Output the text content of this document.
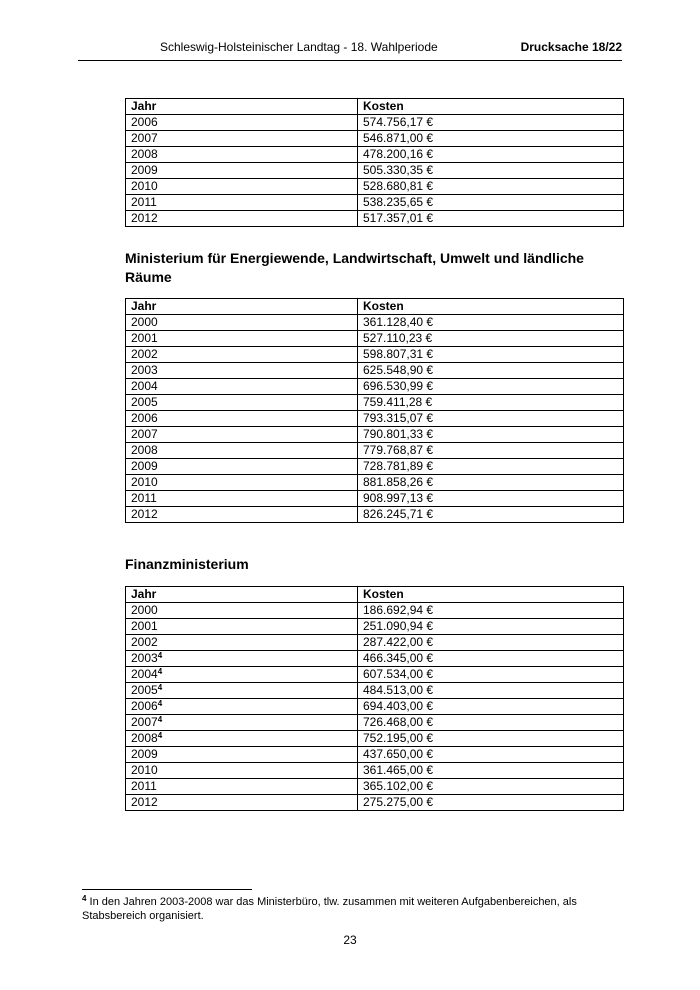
Schleswig-Holsteinischer Landtag - 18. Wahlperiode	Drucksache 18/22
Jahr	Kosten
2006	574.756,17 €
2007	546.871,00 €
2008	478.200,16 €
2009	505.330,35 €
2010	528.680,81 €
2011	538.235,65 €
2012	517.357,01 €
Ministerium für Energiewende, Landwirtschaft, Umwelt und ländliche Räume
Jahr	Kosten
2000	361.128,40 €
2001	527.110,23 €
2002	598.807,31 €
2003	625.548,90 €
2004	696.530,99 €
2005	759.411,28 €
2006	793.315,07 €
2007	790.801,33 €
2008	779.768,87 €
2009	728.781,89 €
2010	881.858,26 €
2011	908.997,13 €
2012	826.245,71 €
Finanzministerium
Jahr	Kosten
2000	186.692,94 €
2001	251.090,94 €
2002	287.422,00 €
2003$^4$	466.345,00 €
2004$^4$	607.534,00 €
2005$^4$	484.513,00 €
2006$^4$	694.403,00 €
2007$^4$	726.468,00 €
2008$^4$	752.195,00 €
2009	437.650,00 €
2010	361.465,00 €
2011	365.102,00 €
2012	275.275,00 €
$^4$ In den Jahren 2003-2008 war das Ministerbüro, tlw. zusammen mit weiteren Aufgabenbereichen, als Stabsbereich organisiert.
23
